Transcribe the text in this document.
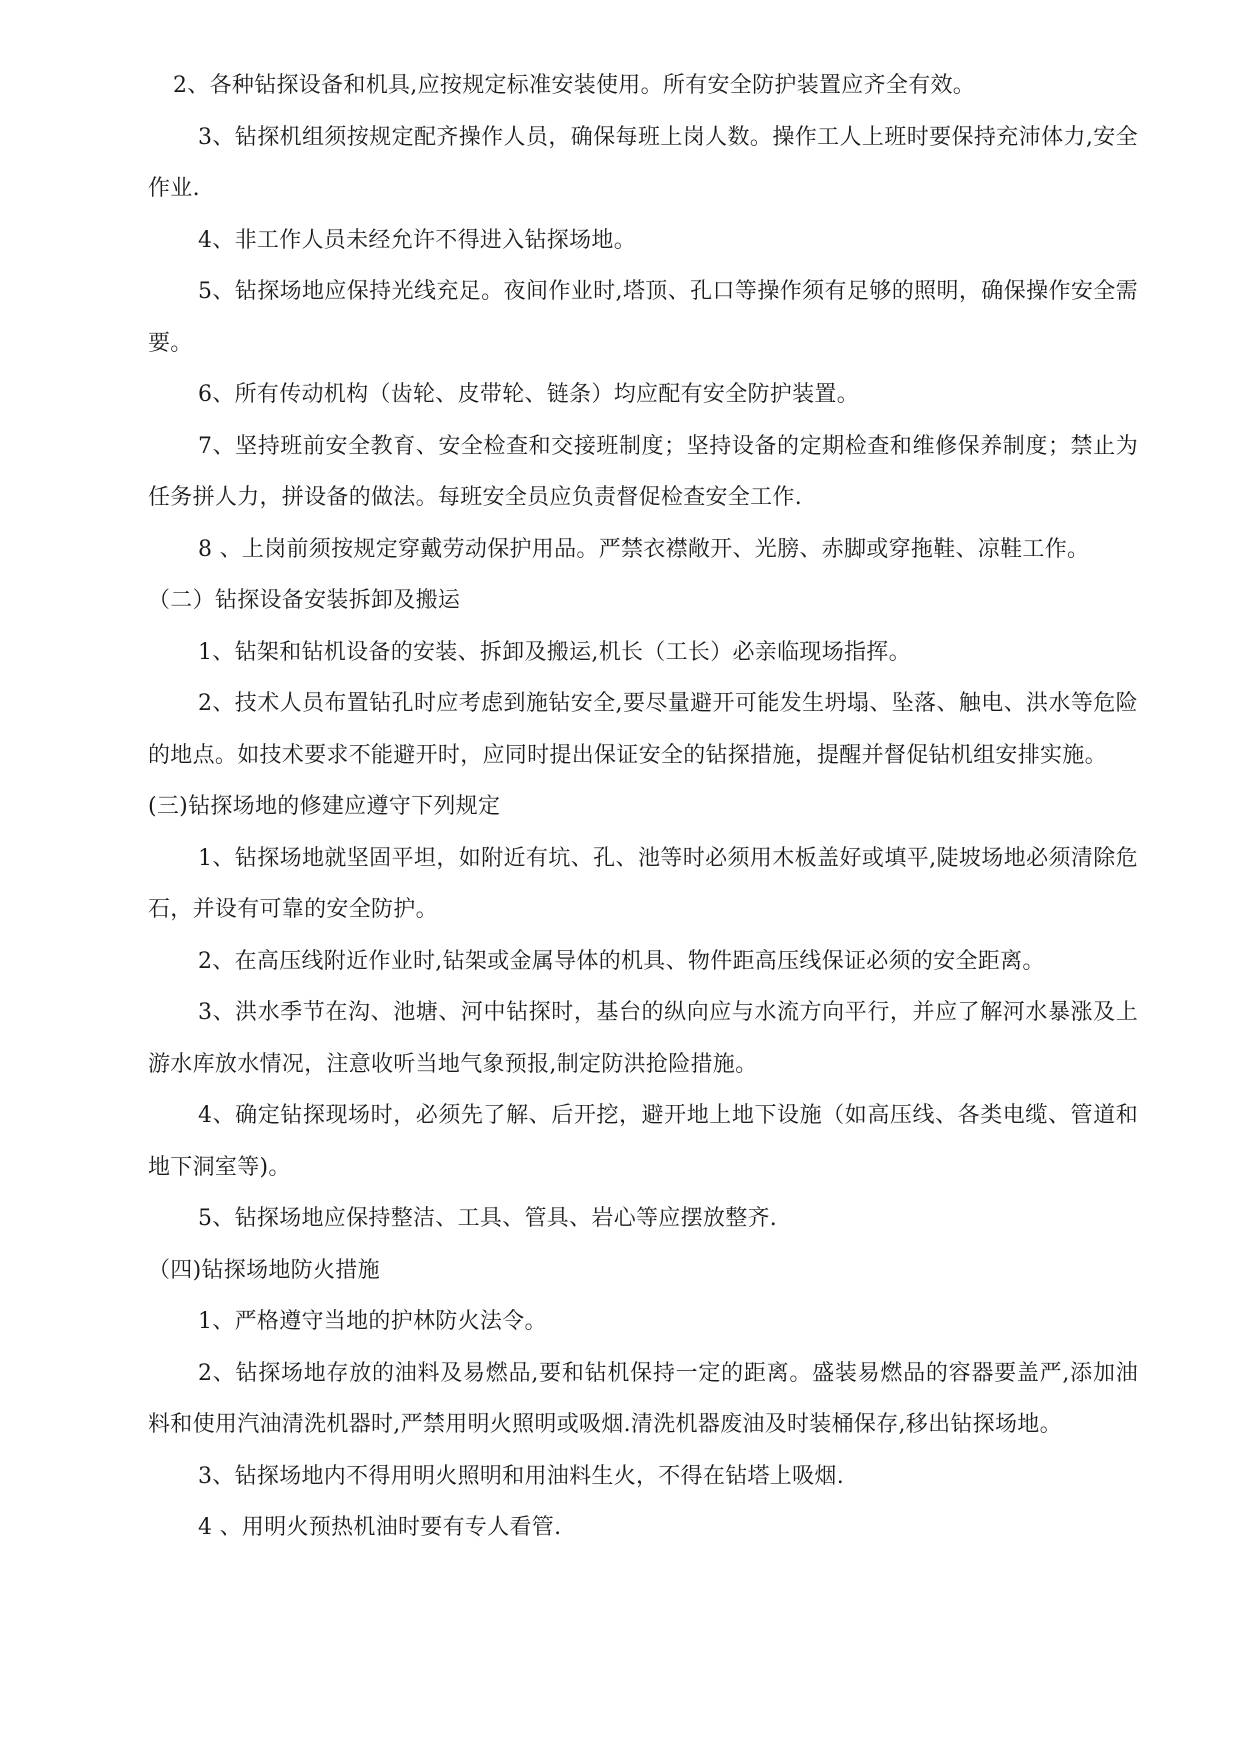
2、各种钻探设备和机具,应按规定标准安装使用。所有安全防护装置应齐全有效。

3、钻探机组须按规定配齐操作人员，确保每班上岗人数。操作工人上班时要保持充沛体力,安全作业.

4、非工作人员未经允许不得进入钻探场地。

5、钻探场地应保持光线充足。夜间作业时,塔顶、孔口等操作须有足够的照明，确保操作安全需要。

6、所有传动机构（齿轮、皮带轮、链条）均应配有安全防护装置。

7、坚持班前安全教育、安全检查和交接班制度；坚持设备的定期检查和维修保养制度；禁止为任务拼人力，拼设备的做法。每班安全员应负责督促检查安全工作.

8 、上岗前须按规定穿戴劳动保护用品。严禁衣襟敞开、光膀、赤脚或穿拖鞋、凉鞋工作。

（二）钻探设备安装拆卸及搬运

1、钻架和钻机设备的安装、拆卸及搬运,机长（工长）必亲临现场指挥。

2、技术人员布置钻孔时应考虑到施钻安全,要尽量避开可能发生坍塌、坠落、触电、洪水等危险的地点。如技术要求不能避开时，应同时提出保证安全的钻探措施，提醒并督促钻机组安排实施。

(三)钻探场地的修建应遵守下列规定

1、钻探场地就坚固平坦，如附近有坑、孔、池等时必须用木板盖好或填平,陡坡场地必须清除危石，并设有可靠的安全防护。

2、在高压线附近作业时,钻架或金属导体的机具、物件距高压线保证必须的安全距离。

3、洪水季节在沟、池塘、河中钻探时，基台的纵向应与水流方向平行，并应了解河水暴涨及上游水库放水情况，注意收听当地气象预报,制定防洪抢险措施。

4、确定钻探现场时，必须先了解、后开挖，避开地上地下设施（如高压线、各类电缆、管道和地下洞室等)。

5、钻探场地应保持整洁、工具、管具、岩心等应摆放整齐.

（四)钻探场地防火措施

1、严格遵守当地的护林防火法令。

2、钻探场地存放的油料及易燃品,要和钻机保持一定的距离。盛装易燃品的容器要盖严,添加油料和使用汽油清洗机器时,严禁用明火照明或吸烟.清洗机器废油及时装桶保存,移出钻探场地。

3、钻探场地内不得用明火照明和用油料生火，不得在钻塔上吸烟.

4 、用明火预热机油时要有专人看管.
